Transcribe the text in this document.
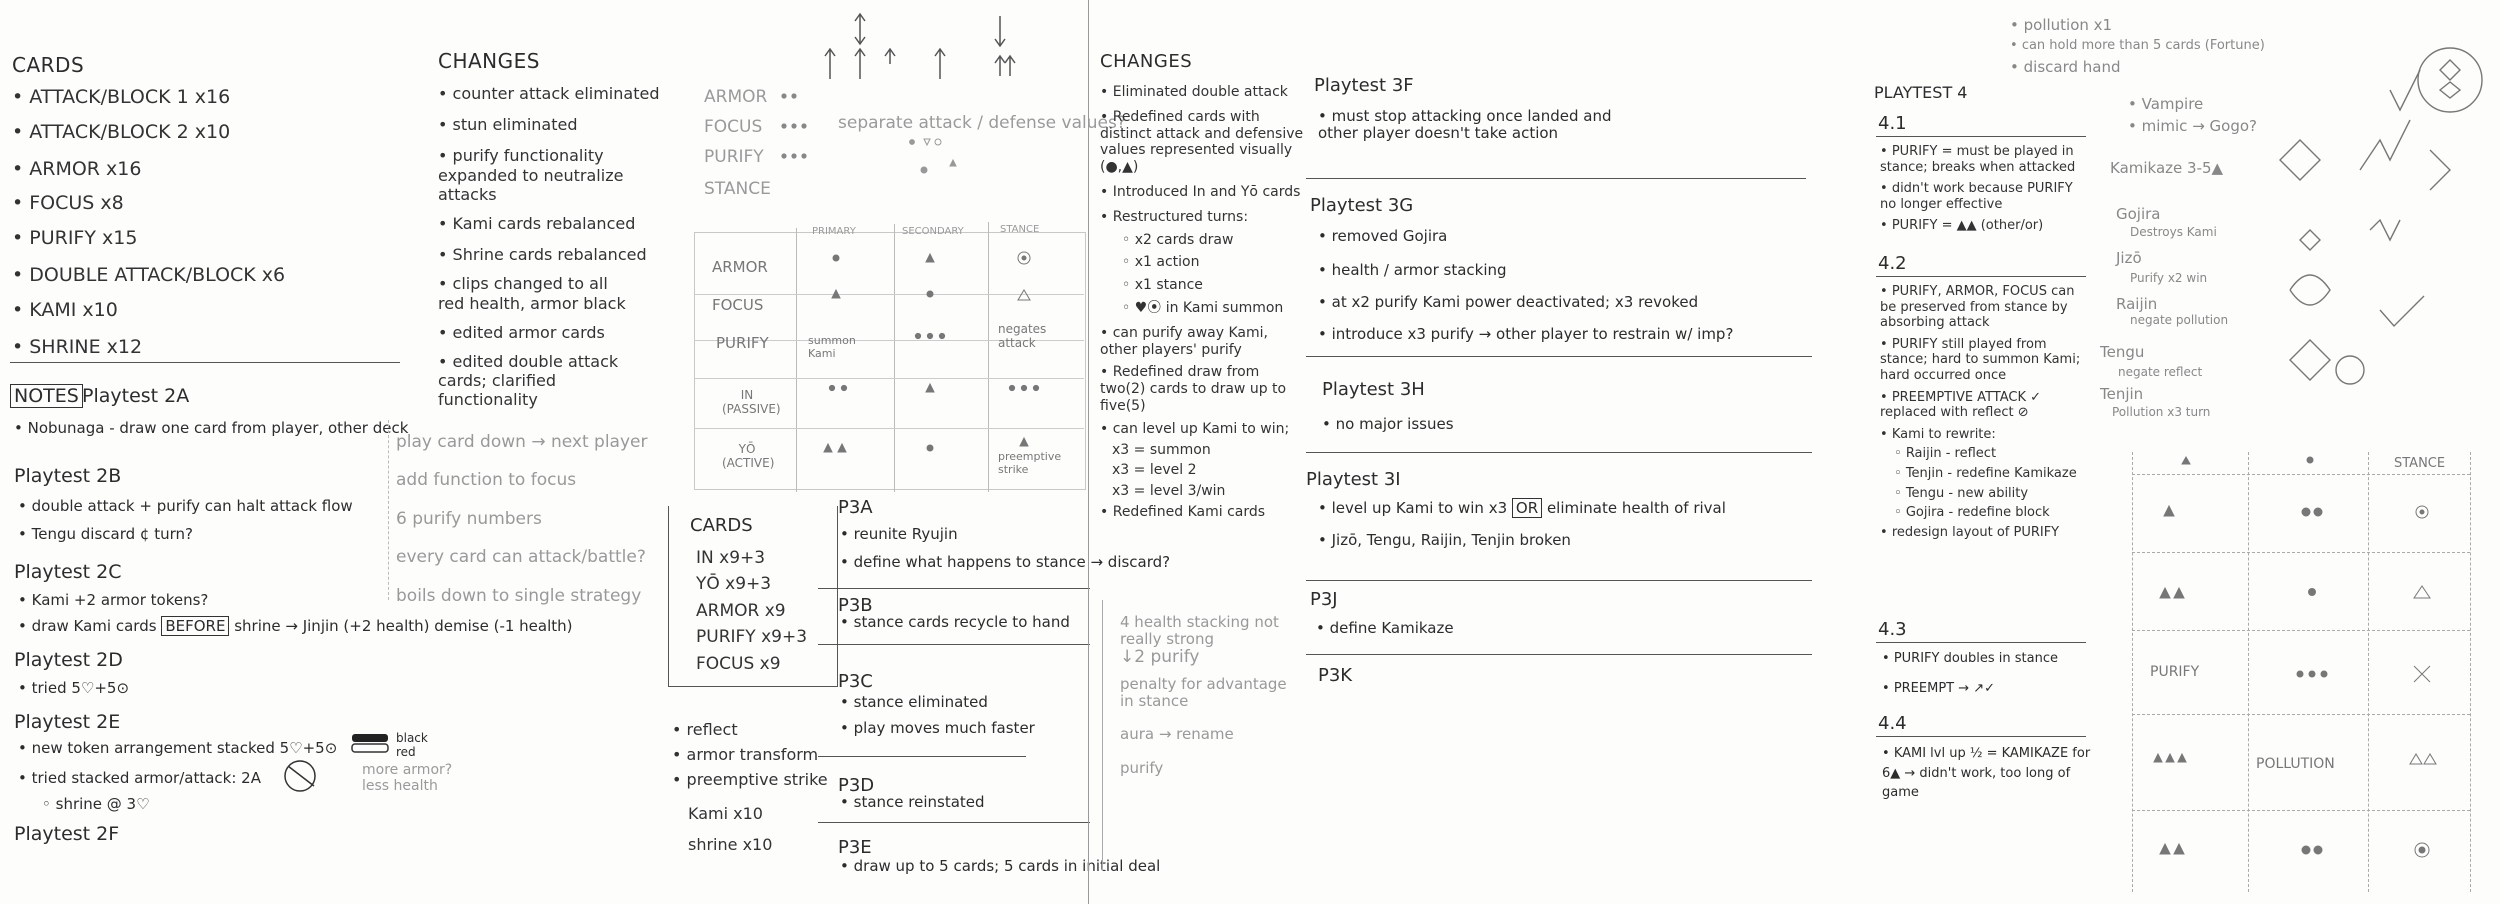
CARDS
• ATTACK/BLOCK 1 x16
• ATTACK/BLOCK 2 x10
• ARMOR x16
• FOCUS x8
• PURIFY x15
• DOUBLE ATTACK/BLOCK x6
• KAMI x10
• SHRINE x12
CHANGES
• counter attack eliminated
• stun eliminated
• purify functionality expanded to neutralize attacks
• Kami cards rebalanced
• Shrine cards rebalanced
• clips changed to all red health, armor black
• edited armor cards
• edited double attack cards; clarified functionality
NOTES Playtest 2A
• Nobunaga - draw one card from player, other deck
Playtest 2B
• double attack + purify can halt attack flow
• Tengu discard ¢ turn?
Playtest 2C
• Kami +2 armor tokens?
• draw Kami cards BEFORE shrine → Jinjin (+2 health) demise (-1 health)
Playtest 2D
• tried 5♡+5⊙
Playtest 2E
• new token arrangement stacked 5♡+5⊙
• tried stacked armor/attack: 2A
◦ shrine @ 3♡
black red
more armor? less health
Playtest 2F
play card down → next player
add function to focus
6 purify numbers
every card can attack/battle?
boils down to single strategy
ARMOR
FOCUS
PURIFY
STANCE
separate attack / defense values?
PRIMARY	SECONDARY	STANCE
ARMOR
FOCUS
PURIFY
IN (PASSIVE)
YŌ (ACTIVE)
summon Kami
negates attack
preemptive strike
CARDS
IN x9+3
YŌ x9+3
ARMOR x9
PURIFY x9+3
FOCUS x9
• reflect
• armor transform
• preemptive strike
Kami x10
shrine x10
P3A
• reunite Ryujin
• define what happens to stance → discard?
P3B
• stance cards recycle to hand
P3C
• stance eliminated
• play moves much faster
P3D
• stance reinstated
P3E
• draw up to 5 cards; 5 cards in initial deal
CHANGES
• Eliminated double attack
• Redefined cards with distinct attack and defensive values represented visually (●,▲)
• Introduced In and Yō cards
• Restructured turns:
◦ x2 cards draw
◦ x1 action
◦ x1 stance
◦ ♥⦿ in Kami summon
• can purify away Kami, other players' purify
• Redefined draw from two(2) cards to draw up to five(5)
• can level up Kami to win;
x3 = summon
x3 = level 2
x3 = level 3/win
• Redefined Kami cards
4 health stacking not really strong
↓2 purify
penalty for advantage in stance
aura → rename
purify
Playtest 3F
• must stop attacking once landed and other player doesn't take action
Playtest 3G
• removed Gojira
• health / armor stacking
• at x2 purify Kami power deactivated; x3 revoked
• introduce x3 purify → other player to restrain w/ imp?
Playtest 3H
• no major issues
Playtest 3I
• level up Kami to win x3 OR eliminate health of rival
• Jizō, Tengu, Raijin, Tenjin broken
P3J
• define Kamikaze
P3K
PLAYTEST 4
4.1
• PURIFY = must be played in stance; breaks when attacked
• didn't work because PURIFY no longer effective
• PURIFY = ▲▲ (other/or)
4.2
• PURIFY, ARMOR, FOCUS can be preserved from stance by absorbing attack
• PURIFY still played from stance; hard to summon Kami; hard occurred once
• PREEMPTIVE ATTACK ✓ replaced with reflect ⊘
• Kami to rewrite:
◦ Raijin - reflect
◦ Tenjin - redefine Kamikaze
◦ Tengu - new ability
◦ Gojira - redefine block
• redesign layout of PURIFY
4.3
• PURIFY doubles in stance
• PREEMPT → ↗✓
4.4
• KAMI lvl up ½ = KAMIKAZE for 6▲ → didn't work, too long of game
• pollution x1
• can hold more than 5 cards (Fortune)
• discard hand
• Vampire
• mimic → Gogo?
Kamikaze 3-5▲
Gojira
Destroys Kami
Jizō
Purify x2 win
Raijin
negate pollution
Tengu
negate reflect
Tenjin
Pollution x3 turn
STANCE
PURIFY
POLLUTION
